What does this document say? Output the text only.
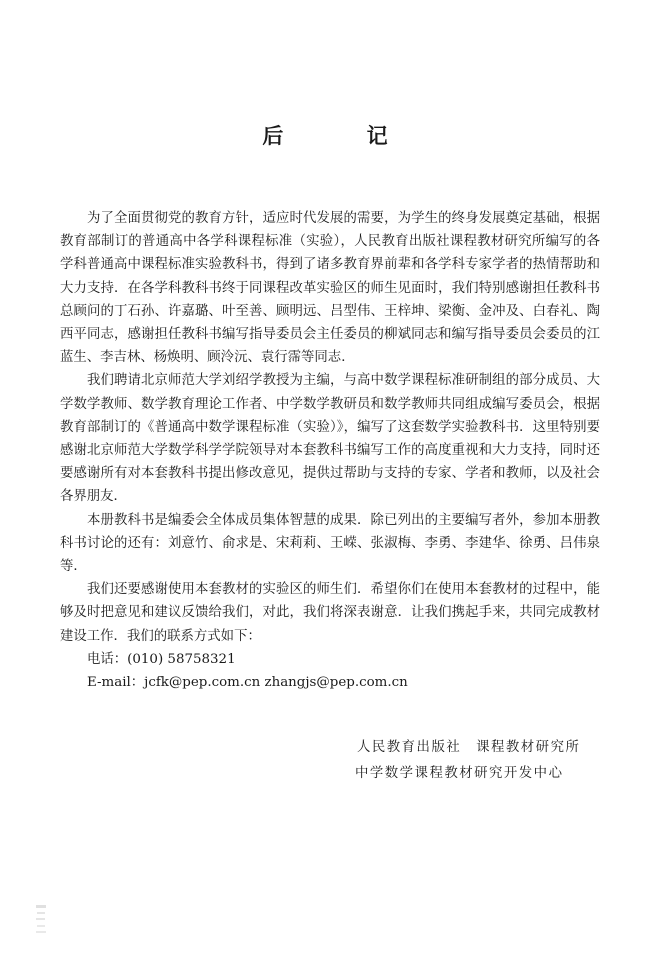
后 记

为了全面贯彻党的教育方针，适应时代发展的需要，为学生的终身发展奠定基础，根据教育部制订的普通高中各学科课程标准（实验），人民教育出版社课程教材研究所编写的各学科普通高中课程标准实验教科书，得到了诸多教育界前辈和各学科专家学者的热情帮助和大力支持．在各学科教科书终于同课程改革实验区的师生见面时，我们特别感谢担任教科书总顾问的丁石孙、许嘉璐、叶至善、顾明远、吕型伟、王梓坤、梁衡、金冲及、白春礼、陶西平同志，感谢担任教科书编写指导委员会主任委员的柳斌同志和编写指导委员会委员的江蓝生、李吉林、杨焕明、顾泠沅、袁行霈等同志．

我们聘请北京师范大学刘绍学教授为主编，与高中数学课程标准研制组的部分成员、大学数学教师、数学教育理论工作者、中学数学教研员和数学教师共同组成编写委员会，根据教育部制订的《普通高中数学课程标准（实验）》，编写了这套数学实验教科书．这里特别要感谢北京师范大学数学科学学院领导对本套教科书编写工作的高度重视和大力支持，同时还要感谢所有对本套教科书提出修改意见，提供过帮助与支持的专家、学者和教师，以及社会各界朋友．

本册教科书是编委会全体成员集体智慧的成果．除已列出的主要编写者外，参加本册教科书讨论的还有：刘意竹、俞求是、宋莉莉、王嵘、张淑梅、李勇、李建华、徐勇、吕伟泉等．

我们还要感谢使用本套教材的实验区的师生们．希望你们在使用本套教材的过程中，能够及时把意见和建议反馈给我们，对此，我们将深表谢意．让我们携起手来，共同完成教材建设工作．我们的联系方式如下：

电话：(010) 58758321

E-mail：jcfk@pep.com.cn zhangjs@pep.com.cn

人民教育出版社　课程教材研究所
中学数学课程教材研究开发中心
